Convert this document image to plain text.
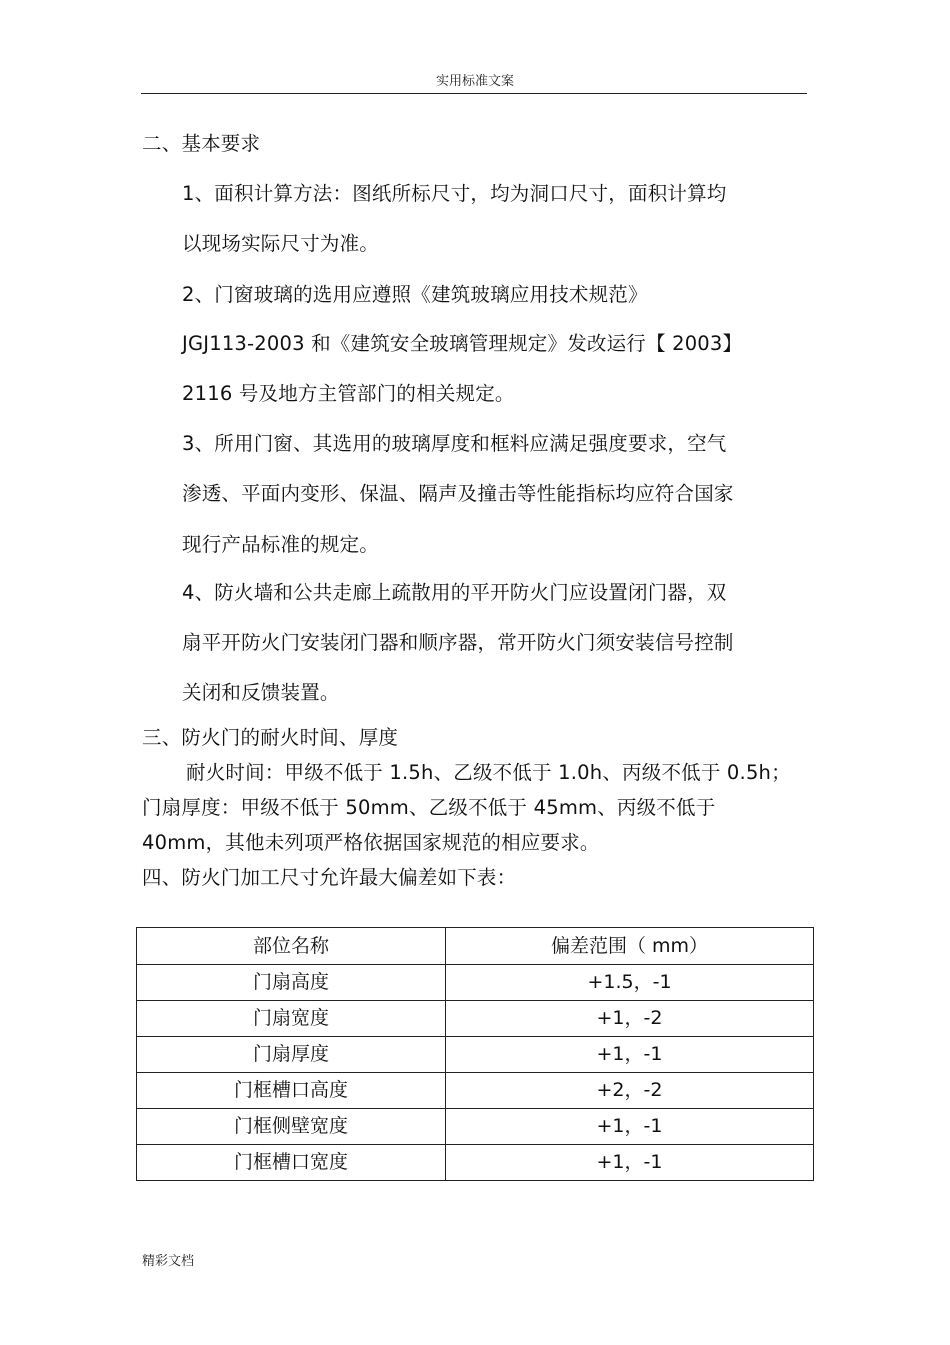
实用标准文案
二、基本要求
1、面积计算方法：图纸所标尺寸，均为洞口尺寸，面积计算均
以现场实际尺寸为准。
2、门窗玻璃的选用应遵照《建筑玻璃应用技术规范》
JGJ113-2003 和《建筑安全玻璃管理规定》发改运行【 2003】
2116 号及地方主管部门的相关规定。
3、所用门窗、其选用的玻璃厚度和框料应满足强度要求，空气
渗透、平面内变形、保温、隔声及撞击等性能指标均应符合国家
现行产品标准的规定。
4、防火墙和公共走廊上疏散用的平开防火门应设置闭门器，双
扇平开防火门安装闭门器和顺序器，常开防火门须安装信号控制
关闭和反馈装置。
三、防火门的耐火时间、厚度
耐火时间：甲级不低于 1.5h、乙级不低于 1.0h、丙级不低于 0.5h；
门扇厚度：甲级不低于 50mm、乙级不低于 45mm、丙级不低于
40mm，其他未列项严格依据国家规范的相应要求。
四、防火门加工尺寸允许最大偏差如下表：
部位名称	偏差范围（ mm）
门扇高度	+1.5，-1
门扇宽度	+1，-2
门扇厚度	+1，-1
门框槽口高度	+2，-2
门框侧壁宽度	+1，-1
门框槽口宽度	+1，-1
精彩文档
